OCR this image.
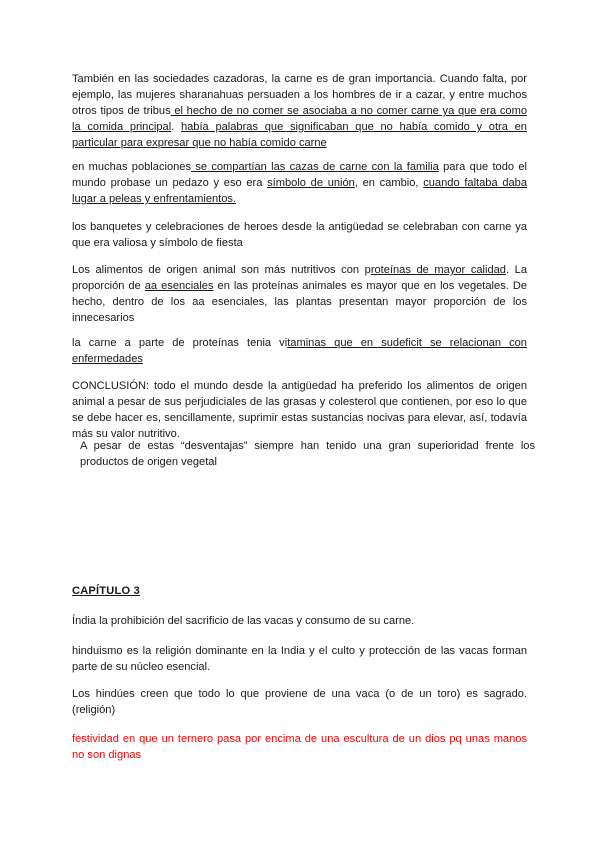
También en las sociedades cazadoras, la carne es de gran importancia. Cuando falta, por ejemplo, las mujeres sharanahuas persuaden a los hombres de ir a cazar, y entre muchos otros tipos de tribus el hecho de no comer se asociaba a no comer carne ya que era como la comida principal. había palabras que significaban que no había comido y otra en particular para expresar que no había comido carne

en muchas poblaciones se compartían las cazas de carne con la familia para que todo el mundo probase un pedazo y eso era símbolo de unión, en cambio, cuando faltaba daba lugar a peleas y enfrentamientos.

los banquetes y celebraciones de heroes desde la antigüedad se celebraban con carne ya que era valiosa y símbolo de fiesta

Los alimentos de origen animal son más nutritivos con proteínas de mayor calidad. La proporción de aa esenciales en las proteínas animales es mayor que en los vegetales. De hecho, dentro de los aa esenciales, las plantas presentan mayor proporción de los innecesarios

la carne a parte de proteínas tenia vitaminas que en sudeficit se relacionan con enfermedades

CONCLUSIÓN: todo el mundo desde la antigüedad ha preferido los alimentos de origen animal a pesar de sus perjudiciales de las grasas y colesterol que contienen, por eso lo que se debe hacer es, sencillamente, suprimir estas sustancias nocivas para elevar, así, todavía más su valor nutritivo.

A pesar de estas “desventajas” siempre han tenido una gran superioridad frente los productos de origen vegetal

CAPÍTULO 3

Índia la prohibición del sacrificio de las vacas y consumo de su carne.

hinduismo es la religión dominante en la India y el culto y protección de las vacas forman parte de su núcleo esencial.

Los hindúes creen que todo lo que proviene de una vaca (o de un toro) es sagrado. (religión)

festividad en que un ternero pasa por encima de una escultura de un dios pq unas manos no son dignas
